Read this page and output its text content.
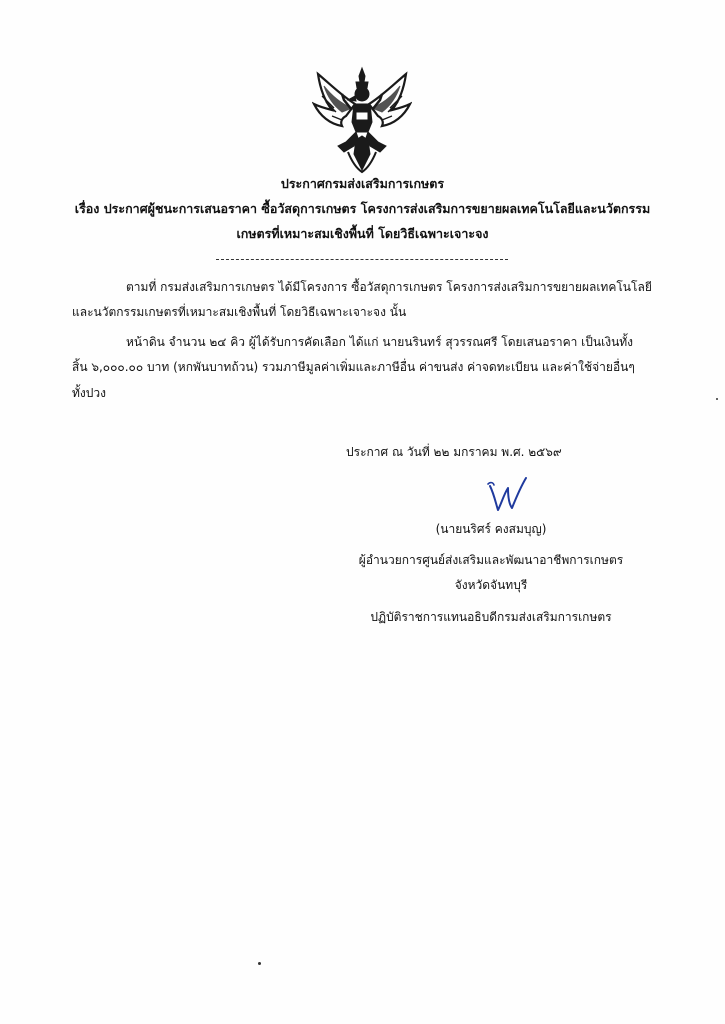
ประกาศกรมส่งเสริมการเกษตร
เรื่อง ประกาศผู้ชนะการเสนอราคา ซื้อวัสดุการเกษตร โครงการส่งเสริมการขยายผลเทคโนโลยีและนวัตกรรม
เกษตรที่เหมาะสมเชิงพื้นที่ โดยวิธีเฉพาะเจาะจง
ตามที่ กรมส่งเสริมการเกษตร ได้มีโครงการ ซื้อวัสดุการเกษตร โครงการส่งเสริมการขยายผลเทคโนโลยี
และนวัตกรรมเกษตรที่เหมาะสมเชิงพื้นที่ โดยวิธีเฉพาะเจาะจง นั้น
หน้าดิน จำนวน ๒๔ คิว ผู้ได้รับการคัดเลือก ได้แก่ นายนรินทร์ สุวรรณศรี โดยเสนอราคา เป็นเงินทั้ง
สิ้น ๖,๐๐๐.๐๐ บาท (หกพันบาทถ้วน) รวมภาษีมูลค่าเพิ่มและภาษีอื่น ค่าขนส่ง ค่าจดทะเบียน และค่าใช้จ่ายอื่นๆ
ทั้งปวง
ประกาศ ณ วันที่ ๒๒ มกราคม พ.ศ. ๒๕๖๙
(นายนริศร์ คงสมบุญ)
ผู้อำนวยการศูนย์ส่งเสริมและพัฒนาอาชีพการเกษตร
จังหวัดจันทบุรี
ปฏิบัติราชการแทนอธิบดีกรมส่งเสริมการเกษตร
